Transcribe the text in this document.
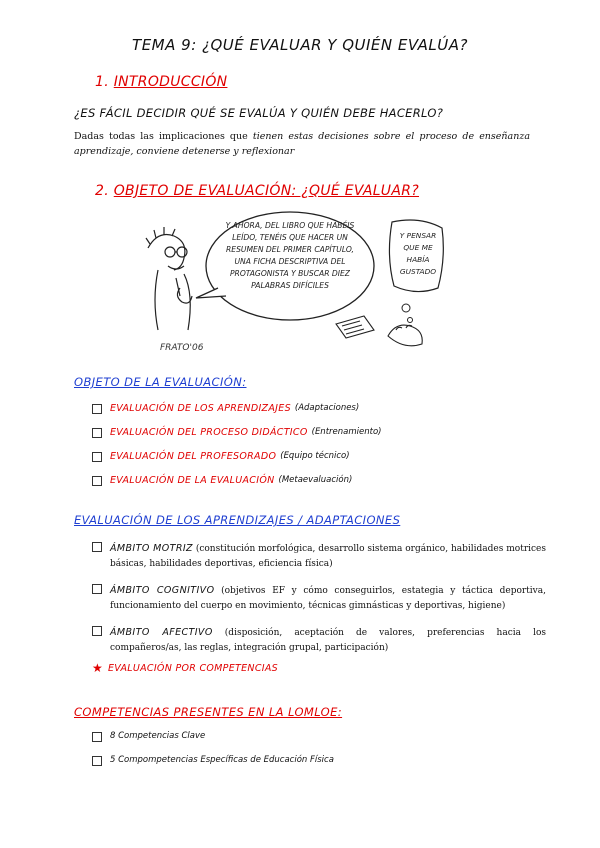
TEMA 9: ¿QUÉ EVALUAR Y QUIÉN EVALÚA?
1. INTRODUCCIÓN
¿ES FÁCIL DECIDIR QUÉ SE EVALÚA Y QUIÉN DEBE HACERLO?
Dadas todas las implicaciones que tienen estas decisiones sobre el proceso de enseñanza aprendizaje, conviene detenerse y reflexionar
2. OBJETO DE EVALUACIÓN: ¿QUÉ EVALUAR?
Y AHORA, DEL LIBRO QUE HABÉIS
LEÍDO, TENÉIS QUE HACER UN
RESUMEN DEL PRIMER CAPÍTULO,
UNA FICHA DESCRIPTIVA DEL
PROTAGONISTA Y BUSCAR DIEZ
PALABRAS DIFÍCILES
Y PENSAR
QUE ME
HABÍA
GUSTADO
FRATO'06
OBJETO DE LA EVALUACIÓN:
EVALUACIÓN DE LOS APRENDIZAJES (Adaptaciones)
EVALUACIÓN DEL PROCESO DIDÁCTICO (Entrenamiento)
EVALUACIÓN DEL PROFESORADO (Equipo técnico)
EVALUACIÓN DE LA EVALUACIÓN (Metaevaluación)
EVALUACIÓN DE LOS APRENDIZAJES / ADAPTACIONES
ÁMBITO MOTRIZ (constitución morfológica, desarrollo sistema orgánico, habilidades motrices básicas, habilidades deportivas, eficiencia física)
ÁMBITO COGNITIVO (objetivos EF y cómo conseguirlos, estategia y táctica deportiva, funcionamiento del cuerpo en movimiento, técnicas gimnásticas y deportivas, higiene)
ÁMBITO AFECTIVO (disposición, aceptación de valores, preferencias hacia los compañeros/as, las reglas, integración grupal, participación)
★ EVALUACIÓN POR COMPETENCIAS
COMPETENCIAS PRESENTES EN LA LOMLOE:
8 Competencias Clave
5 Compompetencias Específicas de Educación Física
